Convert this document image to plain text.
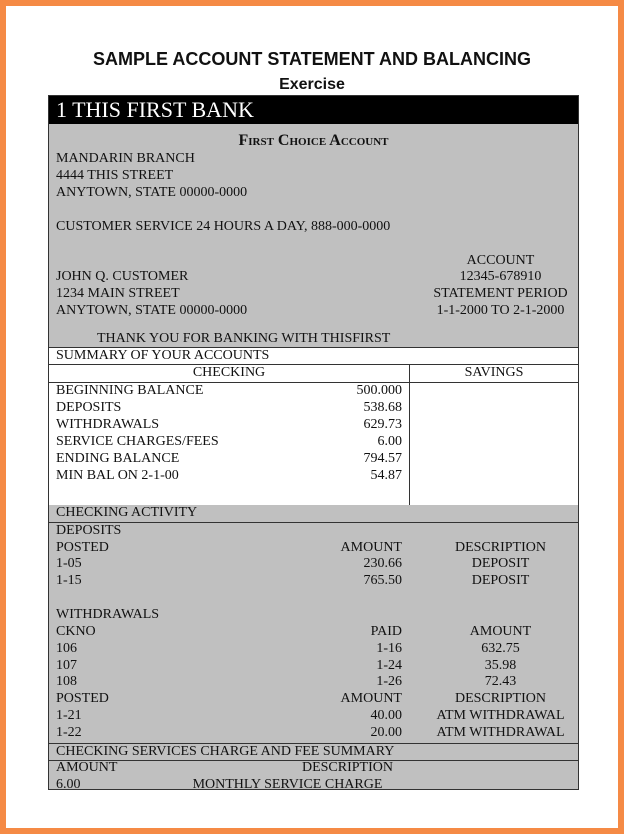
SAMPLE ACCOUNT STATEMENT AND BALANCING
Exercise
1 THIS FIRST BANK
First Choice Account
MANDARIN BRANCH
4444 THIS STREET
ANYTOWN, STATE 00000-0000
CUSTOMER SERVICE 24 HOURS A DAY, 888-000-0000
ACCOUNT
12345-678910
STATEMENT PERIOD
1-1-2000 TO 2-1-2000
JOHN Q. CUSTOMER
1234 MAIN STREET
ANYTOWN, STATE 00000-0000
THANK YOU FOR BANKING WITH THISFIRST
SUMMARY OF YOUR ACCOUNTS
CHECKING	SAVINGS
BEGINNING BALANCE	500.000
DEPOSITS	538.68
WITHDRAWALS	629.73
SERVICE CHARGES/FEES	6.00
ENDING BALANCE	794.57
MIN BAL ON 2-1-00	54.87
CHECKING ACTIVITY
DEPOSITS
POSTED	AMOUNT	DESCRIPTION
1-05	230.66	DEPOSIT
1-15	765.50	DEPOSIT
WITHDRAWALS
CKNO	PAID	AMOUNT
106	1-16	632.75
107	1-24	35.98
108	1-26	72.43
POSTED	AMOUNT	DESCRIPTION
1-21	40.00	ATM WITHDRAWAL
1-22	20.00	ATM WITHDRAWAL
CHECKING SERVICES CHARGE AND FEE SUMMARY
AMOUNT	DESCRIPTION
6.00	MONTHLY SERVICE CHARGE
